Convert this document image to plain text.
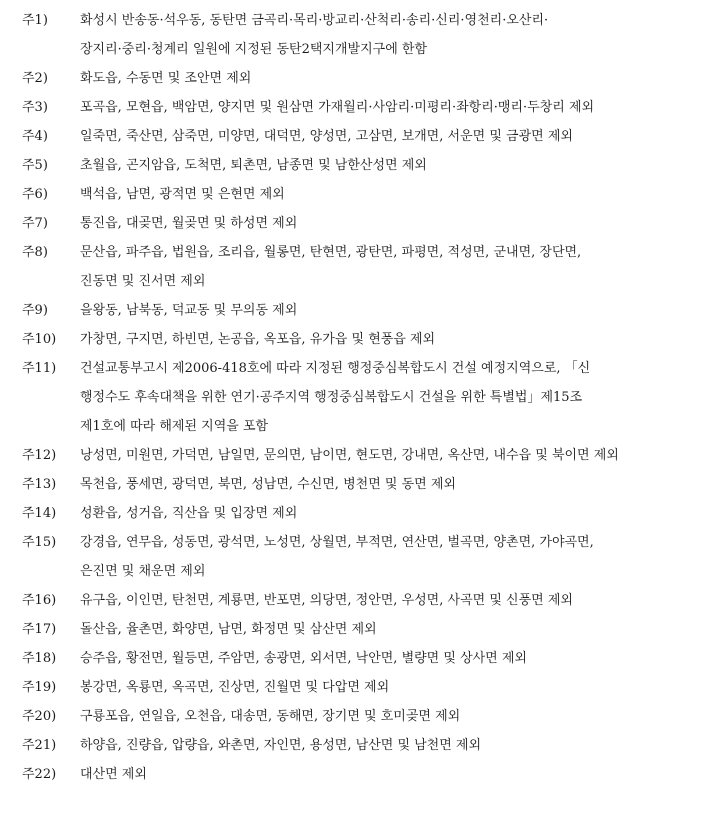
주1)	화성시 반송동·석우동, 동탄면 금곡리·목리·방교리·산척리·송리·신리·영천리·오산리·
장지리·중리·청계리 일원에 지정된 동탄2택지개발지구에 한함
주2)	화도읍, 수동면 및 조안면 제외
주3)	포곡읍, 모현읍, 백암면, 양지면 및 원삼면 가재월리·사암리·미평리·좌항리·맹리·두창리 제외
주4)	일죽면, 죽산면, 삼죽면, 미양면, 대덕면, 양성면, 고삼면, 보개면, 서운면 및 금광면 제외
주5)	초월읍, 곤지암읍, 도척면, 퇴촌면, 남종면 및 남한산성면 제외
주6)	백석읍, 남면, 광적면 및 은현면 제외
주7)	통진읍, 대곶면, 월곶면 및 하성면 제외
주8)	문산읍, 파주읍, 법원읍, 조리읍, 월롱면, 탄현면, 광탄면, 파평면, 적성면, 군내면, 장단면,
진동면 및 진서면 제외
주9)	을왕동, 남북동, 덕교동 및 무의동 제외
주10)	가창면, 구지면, 하빈면, 논공읍, 옥포읍, 유가읍 및 현풍읍 제외
주11)	건설교통부고시 제2006-418호에 따라 지정된 행정중심복합도시 건설 예정지역으로, 「신
행정수도 후속대책을 위한 연기·공주지역 행정중심복합도시 건설을 위한 특별법」제15조
제1호에 따라 해제된 지역을 포함
주12)	낭성면, 미원면, 가덕면, 남일면, 문의면, 남이면, 현도면, 강내면, 옥산면, 내수읍 및 북이면 제외
주13)	목천읍, 풍세면, 광덕면, 북면, 성남면, 수신면, 병천면 및 동면 제외
주14)	성환읍, 성거읍, 직산읍 및 입장면 제외
주15)	강경읍, 연무읍, 성동면, 광석면, 노성면, 상월면, 부적면, 연산면, 벌곡면, 양촌면, 가야곡면,
은진면 및 채운면 제외
주16)	유구읍, 이인면, 탄천면, 계룡면, 반포면, 의당면, 정안면, 우성면, 사곡면 및 신풍면 제외
주17)	돌산읍, 율촌면, 화양면, 남면, 화정면 및 삼산면 제외
주18)	승주읍, 황전면, 월등면, 주암면, 송광면, 외서면, 낙안면, 별량면 및 상사면 제외
주19)	봉강면, 옥룡면, 옥곡면, 진상면, 진월면 및 다압면 제외
주20)	구룡포읍, 연일읍, 오천읍, 대송면, 동해면, 장기면 및 호미곶면 제외
주21)	하양읍, 진량읍, 압량읍, 와촌면, 자인면, 용성면, 남산면 및 남천면 제외
주22)	대산면 제외
